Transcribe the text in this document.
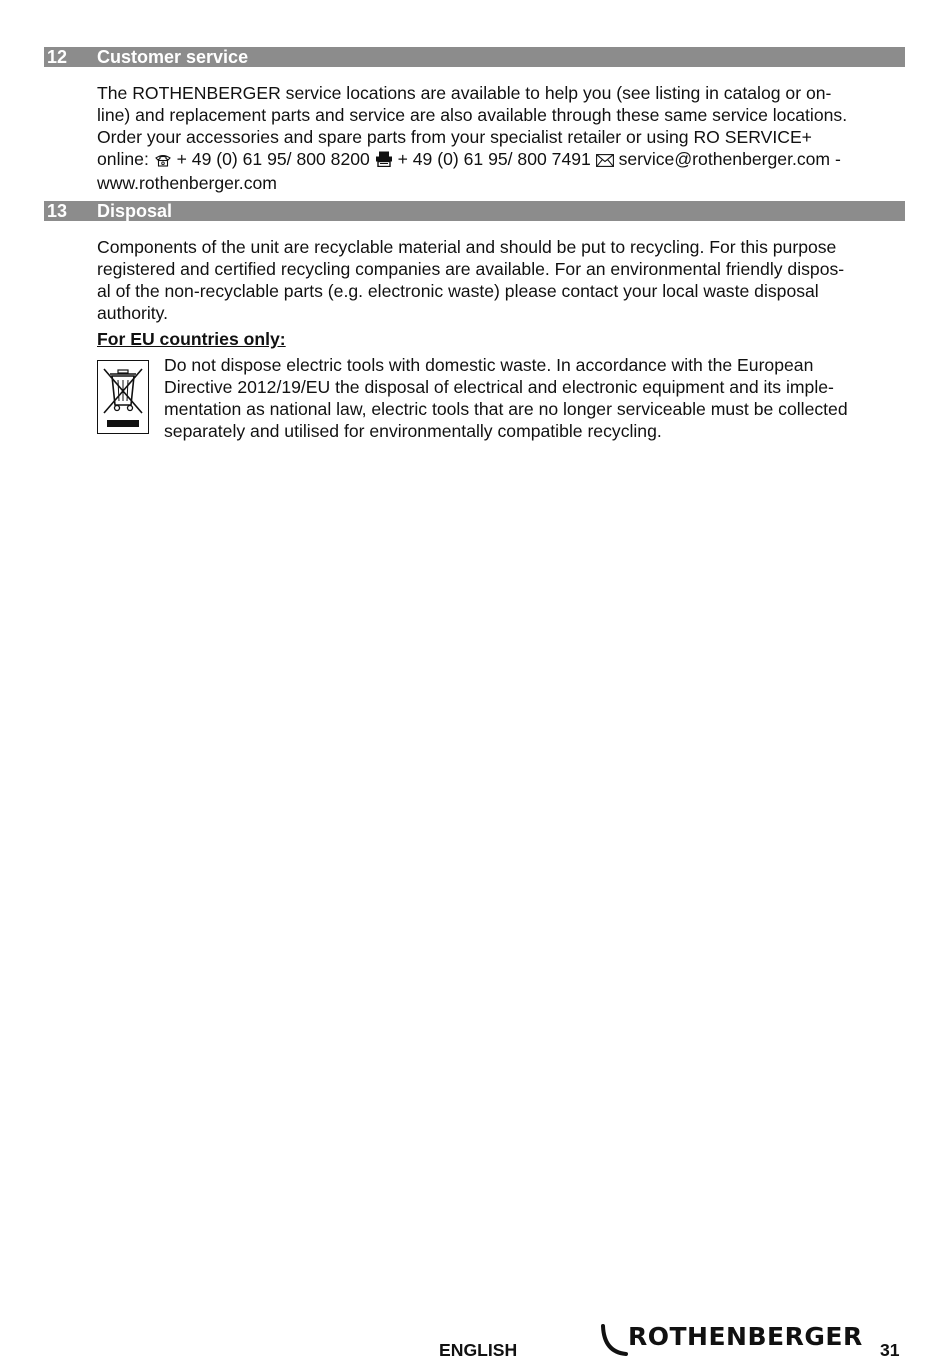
12 Customer service
The ROTHENBERGER service locations are available to help you (see listing in catalog or on-
line) and replacement parts and service are also available through these same service locations.
Order your accessories and spare parts from your specialist retailer or using RO SERVICE+
online:  + 49 (0) 61 95/ 800 8200  + 49 (0) 61 95/ 800 7491  service@rothenberger.com -
www.rothenberger.com
13 Disposal
Components of the unit are recyclable material and should be put to recycling. For this purpose
registered and certified recycling companies are available. For an environmental friendly dispos-
al of the non-recyclable parts (e.g. electronic waste) please contact your local waste disposal
authority.
For EU countries only:
Do not dispose electric tools with domestic waste. In accordance with the European
Directive 2012/19/EU the disposal of electrical and electronic equipment and its imple-
mentation as national law, electric tools that are no longer serviceable must be collected
separately and utilised for environmentally compatible recycling.
ENGLISH	ROTHENBERGER 31
